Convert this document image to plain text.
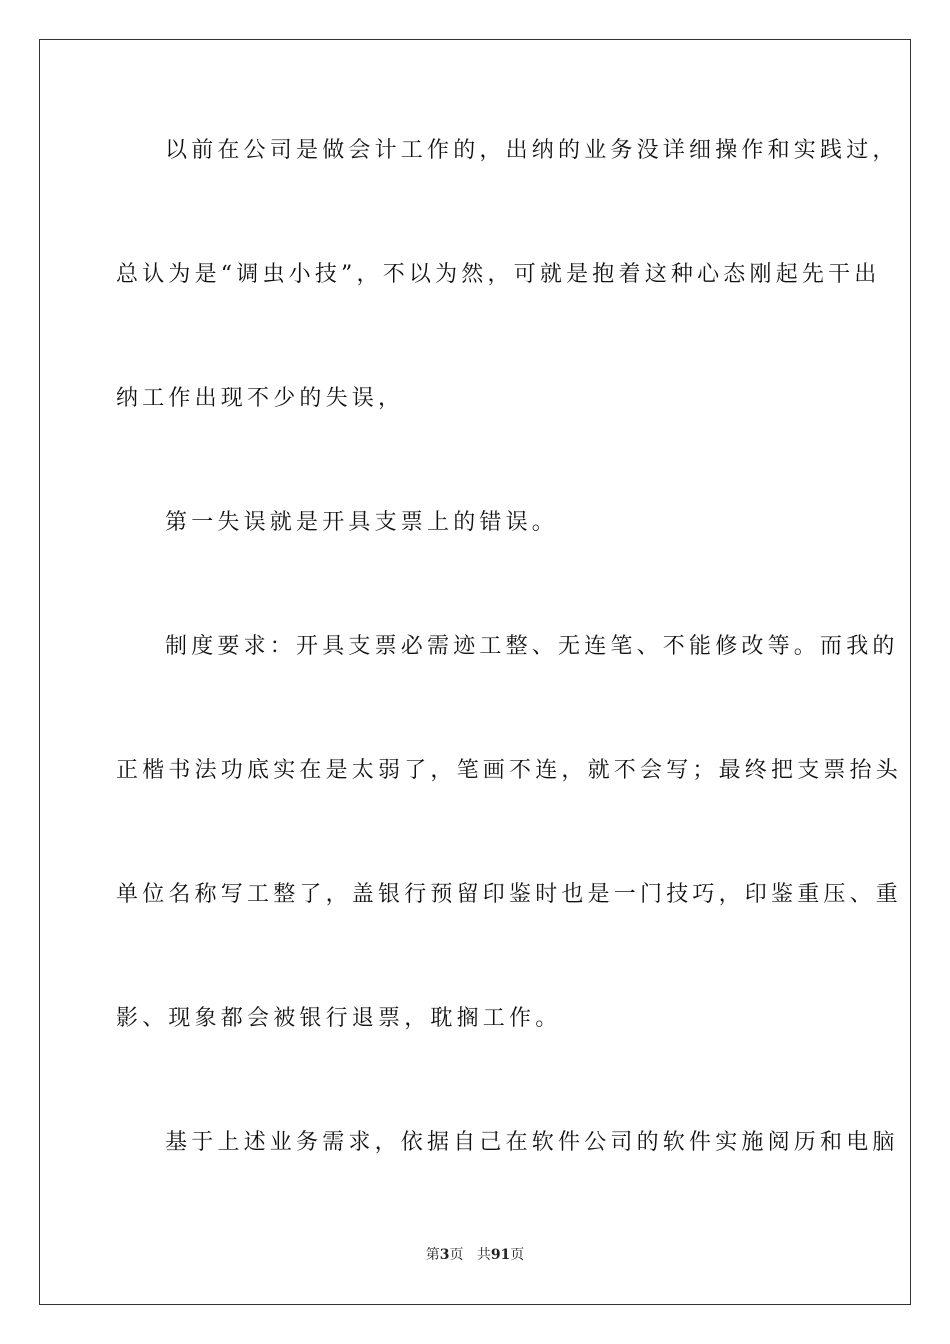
以前在公司是做会计工作的，出纳的业务没详细操作和实践过，
总认为是“调虫小技”，不以为然，可就是抱着这种心态刚起先干出
纳工作出现不少的失误，
第一失误就是开具支票上的错误。
制度要求：开具支票必需迹工整、无连笔、不能修改等。而我的
正楷书法功底实在是太弱了，笔画不连，就不会写；最终把支票抬头
单位名称写工整了，盖银行预留印鉴时也是一门技巧，印鉴重压、重
影、现象都会被银行退票，耽搁工作。
基于上述业务需求，依据自己在软件公司的软件实施阅历和电脑
第3页 共91页
